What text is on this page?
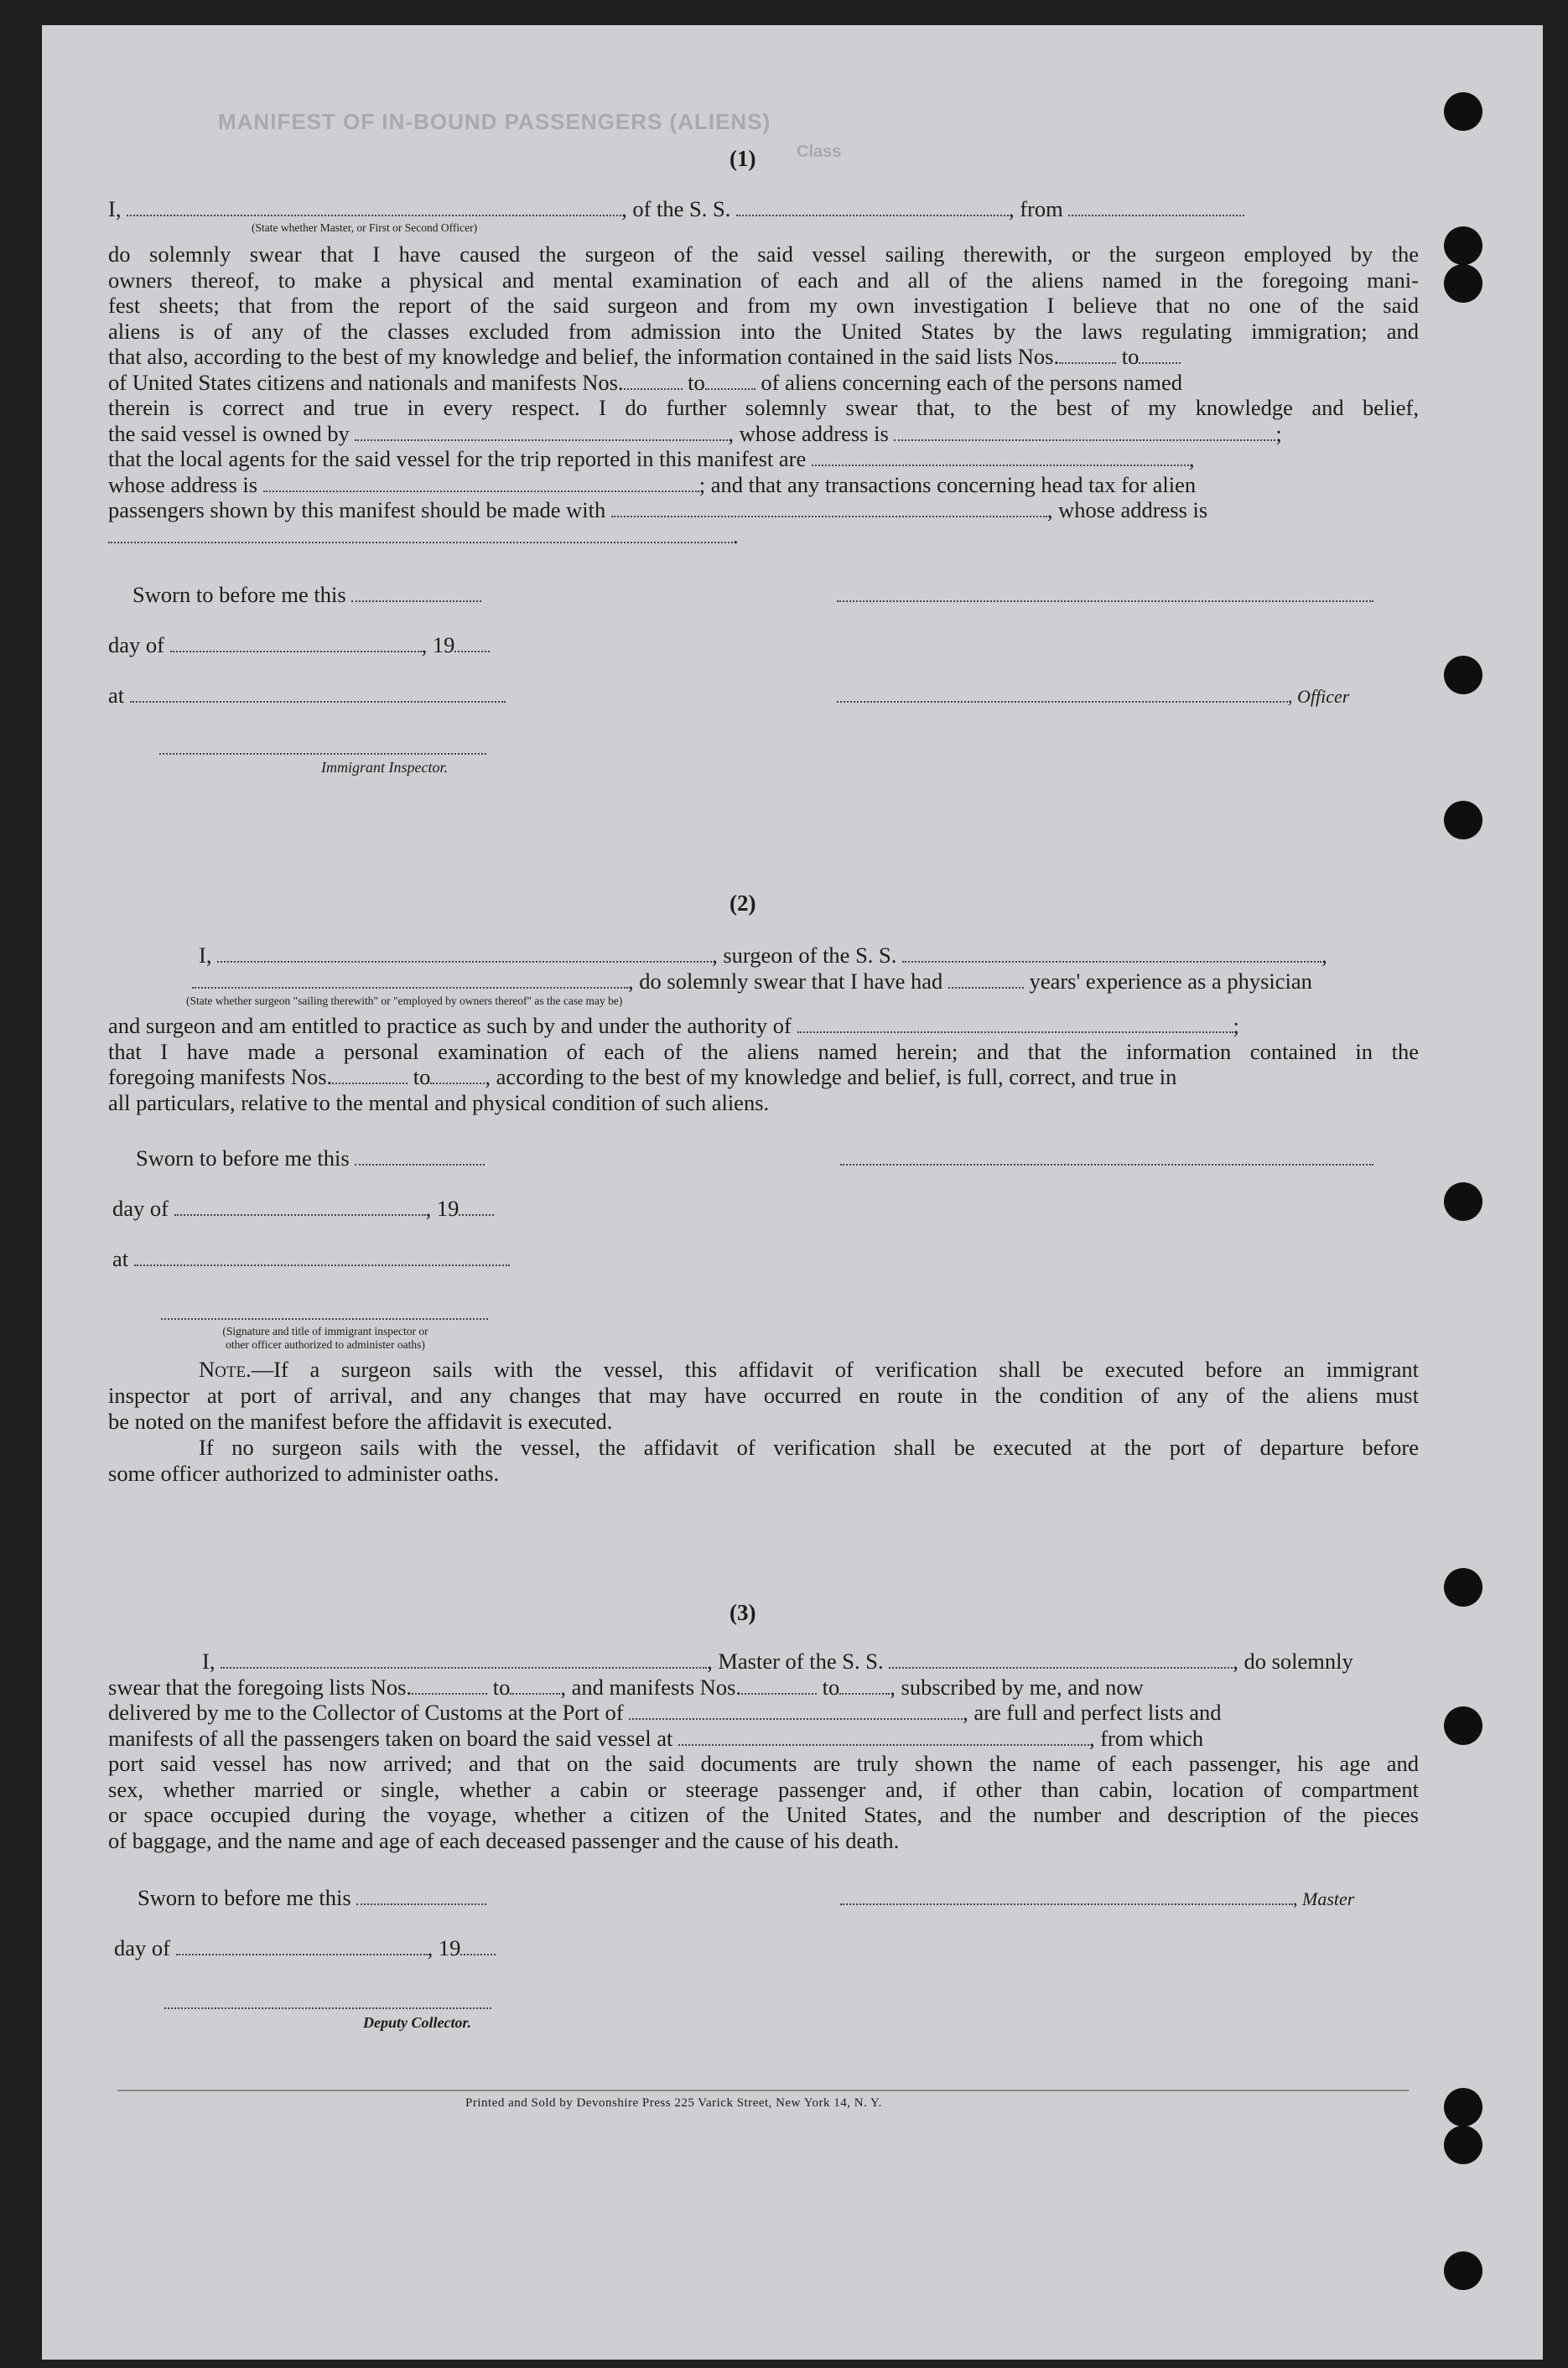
MANIFEST OF IN-BOUND PASSENGERS (ALIENS)
Class
(1)
I,	, of the S. S.	, from
(State whether Master, or First or Second Officer)
do solemnly swear that I have caused the surgeon of the said vessel sailing therewith, or the surgeon employed by the
owners thereof, to make a physical and mental examination of each and all of the aliens named in the foregoing mani-
fest sheets; that from the report of the said surgeon and from my own investigation I believe that no one of the said
aliens is of any of the classes excluded from admission into the United States by the laws regulating immigration; and
that also, according to the best of my knowledge and belief, the information contained in the said lists Nos.	to
of United States citizens and nationals and manifests Nos.	to	of aliens concerning each of the persons named
therein is correct and true in every respect. I do further solemnly swear that, to the best of my knowledge and belief,
the said vessel is owned by	, whose address is	;
that the local agents for the said vessel for the trip reported in this manifest are	,
whose address is	; and that any transactions concerning head tax for alien
passengers shown by this manifest should be made with	, whose address is
.
Sworn to before me this
day of	, 19
at	, Officer
Immigrant Inspector.
(2)
I,	, surgeon of the S. S.	,
, do solemnly swear that I have had	years' experience as a physician
(State whether surgeon "sailing therewith" or "employed by owners thereof" as the case may be)
and surgeon and am entitled to practice as such by and under the authority of	;
that I have made a personal examination of each of the aliens named herein; and that the information contained in the
foregoing manifests Nos.	to , according to the best of my knowledge and belief, is full, correct, and true in
all particulars, relative to the mental and physical condition of such aliens.
Sworn to before me this
day of	, 19
at
(Signature and title of immigrant inspector or
other officer authorized to administer oaths)
Note.—If a surgeon sails with the vessel, this affidavit of verification shall be executed before an immigrant
inspector at port of arrival, and any changes that may have occurred en route in the condition of any of the aliens must
be noted on the manifest before the affidavit is executed.
If no surgeon sails with the vessel, the affidavit of verification shall be executed at the port of departure before
some officer authorized to administer oaths.
(3)
I,	, Master of the S. S.	, do solemnly
swear that the foregoing lists Nos.	to , and manifests Nos.	to , subscribed by me, and now
delivered by me to the Collector of Customs at the Port of	, are full and perfect lists and
manifests of all the passengers taken on board the said vessel at	, from which
port said vessel has now arrived; and that on the said documents are truly shown the name of each passenger, his age and
sex, whether married or single, whether a cabin or steerage passenger and, if other than cabin, location of compartment
or space occupied during the voyage, whether a citizen of the United States, and the number and description of the pieces
of baggage, and the name and age of each deceased passenger and the cause of his death.
Sworn to before me this	, Master
day of	, 19
Deputy Collector.
Printed and Sold by Devonshire Press 225 Varick Street, New York 14, N. Y.
